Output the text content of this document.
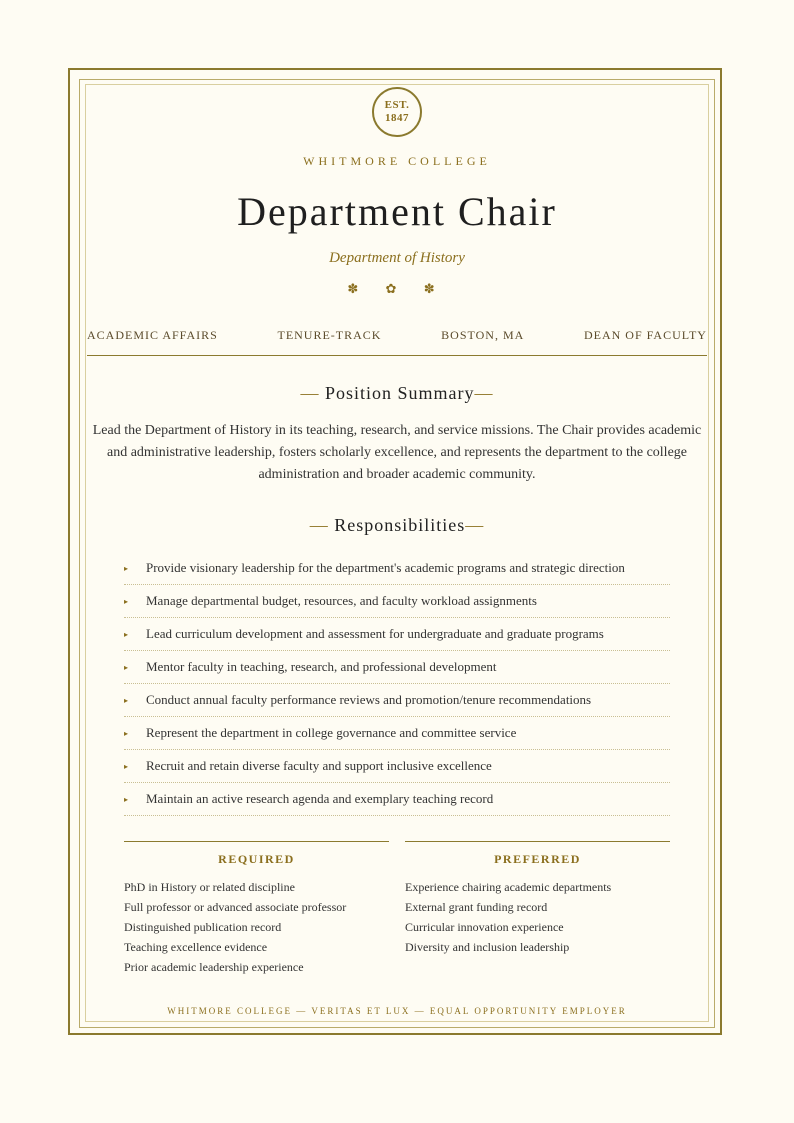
EST.
1847
WHITMORE COLLEGE
Department Chair
Department of History
✽ ✿ ✽
ACADEMIC AFFAIRS	TENURE-TRACK	BOSTON, MA	DEAN OF FACULTY
— Position Summary—
Lead the Department of History in its teaching, research, and service missions. The Chair provides academic and administrative leadership, fosters scholarly excellence, and represents the department to the college administration and broader academic community.
— Responsibilities—
▸	Provide visionary leadership for the department's academic programs and strategic direction
▸	Manage departmental budget, resources, and faculty workload assignments
▸	Lead curriculum development and assessment for undergraduate and graduate programs
▸	Mentor faculty in teaching, research, and professional development
▸	Conduct annual faculty performance reviews and promotion/tenure recommendations
▸	Represent the department in college governance and committee service
▸	Recruit and retain diverse faculty and support inclusive excellence
▸	Maintain an active research agenda and exemplary teaching record
REQUIRED
PhD in History or related discipline
Full professor or advanced associate professor
Distinguished publication record
Teaching excellence evidence
Prior academic leadership experience
PREFERRED
Experience chairing academic departments
External grant funding record
Curricular innovation experience
Diversity and inclusion leadership
WHITMORE COLLEGE — VERITAS ET LUX — EQUAL OPPORTUNITY EMPLOYER
